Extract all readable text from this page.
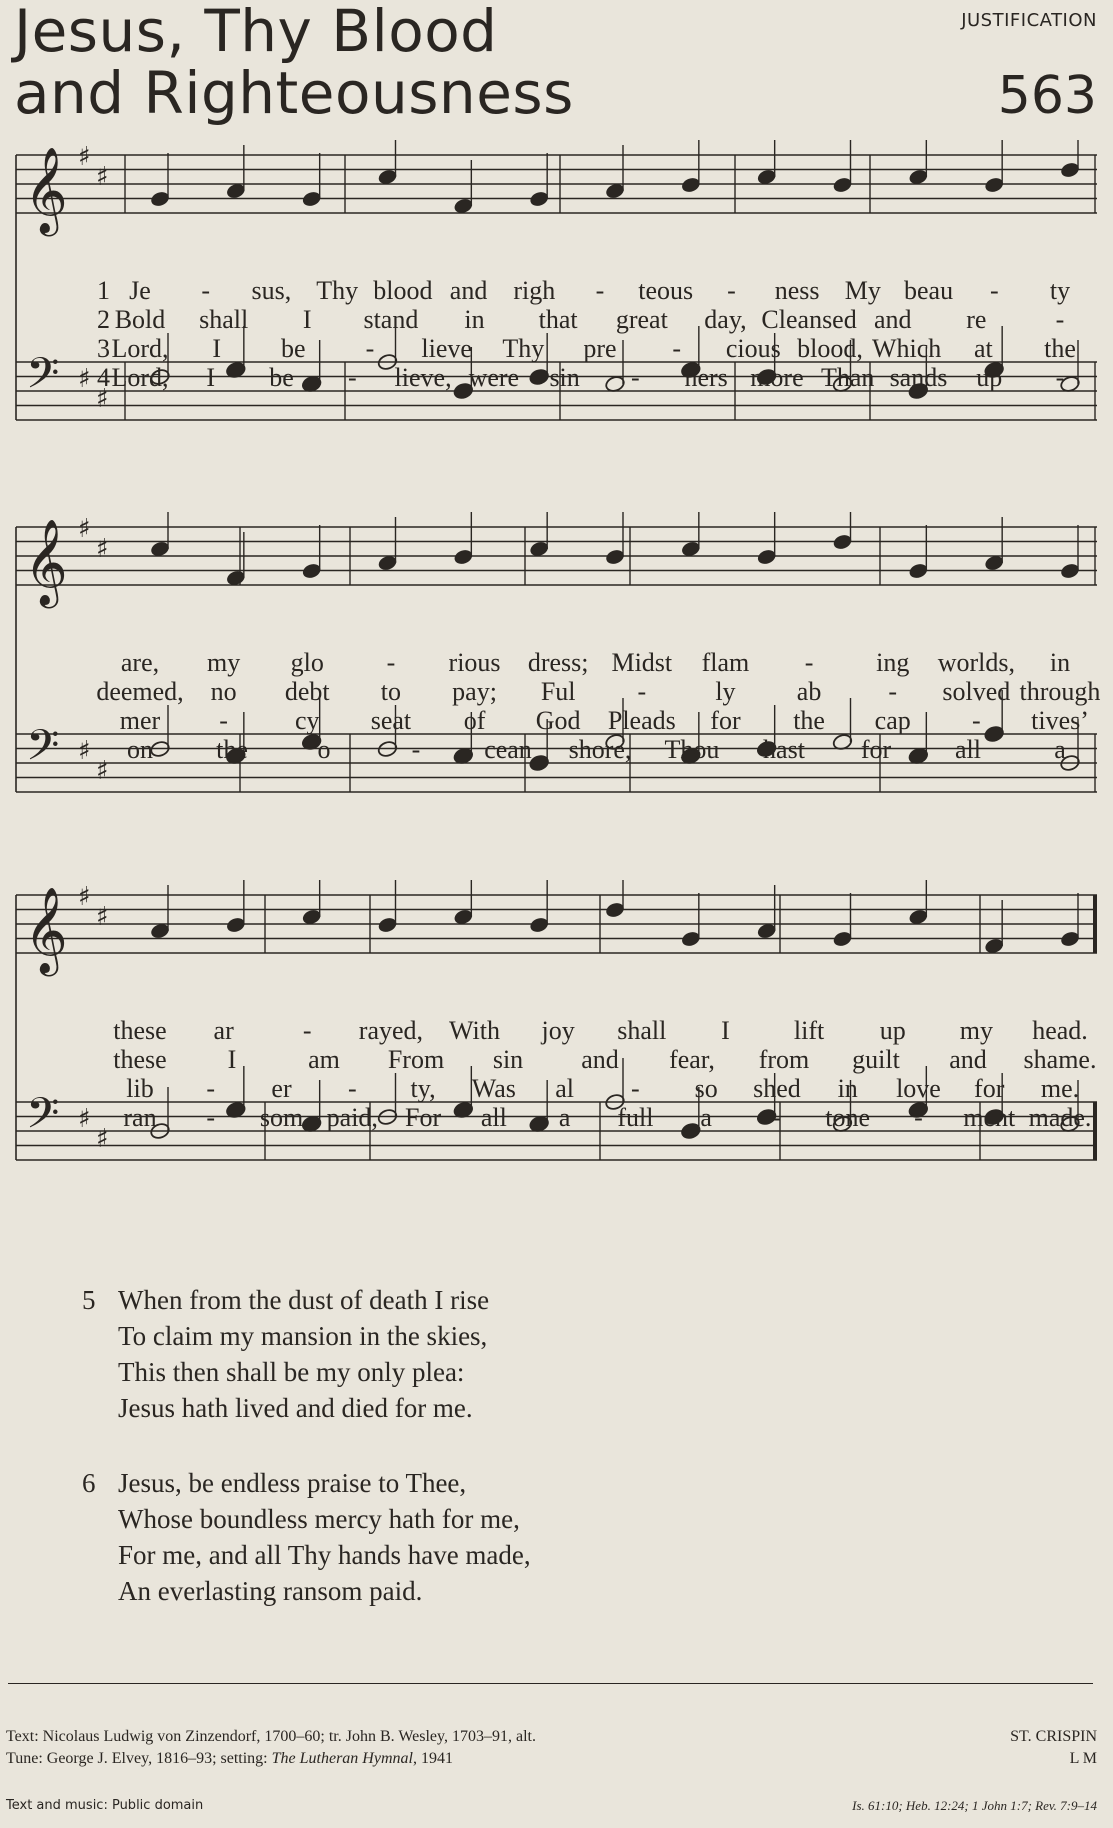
Jesus, Thy Blood
and Righteousness
JUSTIFICATION
563
𝄞 ♯
♯
𝄢 ♯
♯
𝄞 ♯
♯
𝄢 ♯
♯
𝄞 ♯
♯
𝄢 ♯
♯
1 Je - sus, Thy blood and righ - teous - ness My beau - ty
2 Bold shall I stand in that great day, Cleansed and re	-
3 Lord, I be - lieve Thy pre - cious blood, Which at the
4 Lord, I be - lieve, were sin - ners more Than sands up -
are, my glo - rious dress; Midst flam - ing worlds, in
deemed, no debt to pay; Ful -	ly ab	- solved through
mer -	cy seat of God Pleads for the cap - tives’
on the	o	- cean shore, Thou hast for all	a
these ar	- rayed, With joy shall I lift up my head.
these I	am From sin and fear, from guilt and shame.
lib - er - ty, Was al - so shed in love for me.
ran - som paid, For all a full a - tone - ment made.
5 When from the dust of death I rise
To claim my mansion in the skies,
This then shall be my only plea:
Jesus hath lived and died for me.
6 Jesus, be endless praise to Thee,
Whose boundless mercy hath for me,
For me, and all Thy hands have made,
An everlasting ransom paid.
Text: Nicolaus Ludwig von Zinzendorf, 1700–60; tr. John B. Wesley, 1703–91, alt.
Tune: George J. Elvey, 1816–93; setting: The Lutheran Hymnal, 1941
ST. CRISPIN
L M
Text and music: Public domain	Is. 61:10; Heb. 12:24; 1 John 1:7; Rev. 7:9–14
